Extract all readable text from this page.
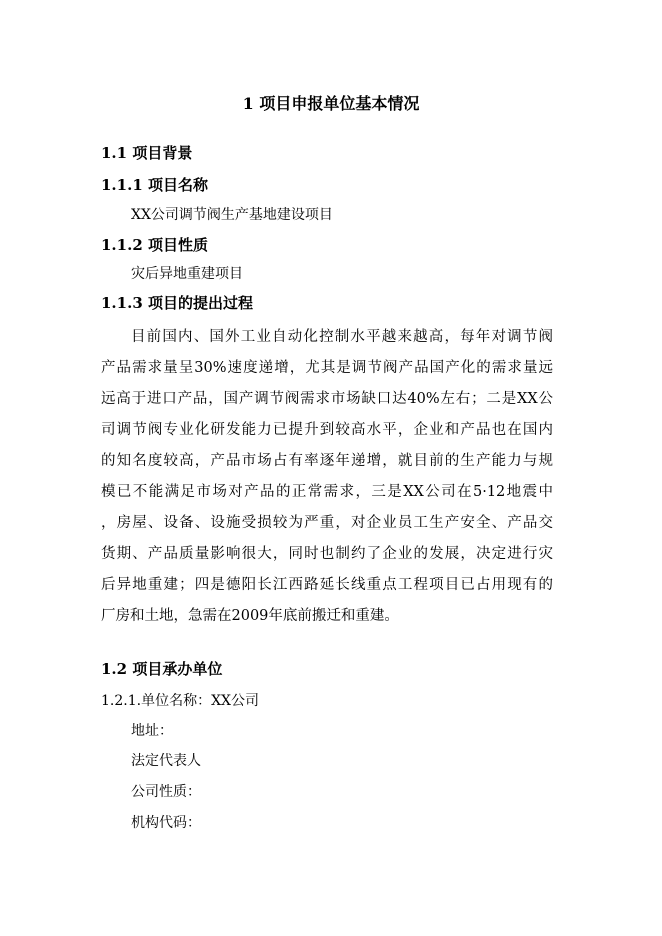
1 项目申报单位基本情况
1.1 项目背景
1.1.1 项目名称
XX公司调节阀生产基地建设项目
1.1.2 项目性质
灾后异地重建项目
1.1.3 项目的提出过程
目前国内、国外工业自动化控制水平越来越高，每年对调节阀
产品需求量呈30%速度递增，尤其是调节阀产品国产化的需求量远
远高于进口产品，国产调节阀需求市场缺口达40%左右；二是XX公
司调节阀专业化研发能力已提升到较高水平，企业和产品也在国内
的知名度较高，产品市场占有率逐年递增，就目前的生产能力与规
模已不能满足市场对产品的正常需求，三是XX公司在5·12地震中
，房屋、设备、设施受损较为严重，对企业员工生产安全、产品交
货期、产品质量影响很大，同时也制约了企业的发展，决定进行灾
后异地重建；四是德阳长江西路延长线重点工程项目已占用现有的
厂房和土地，急需在2009年底前搬迁和重建。
1.2 项目承办单位
1.2.1.单位名称：XX公司
地址：
法定代表人
公司性质：
机构代码：
